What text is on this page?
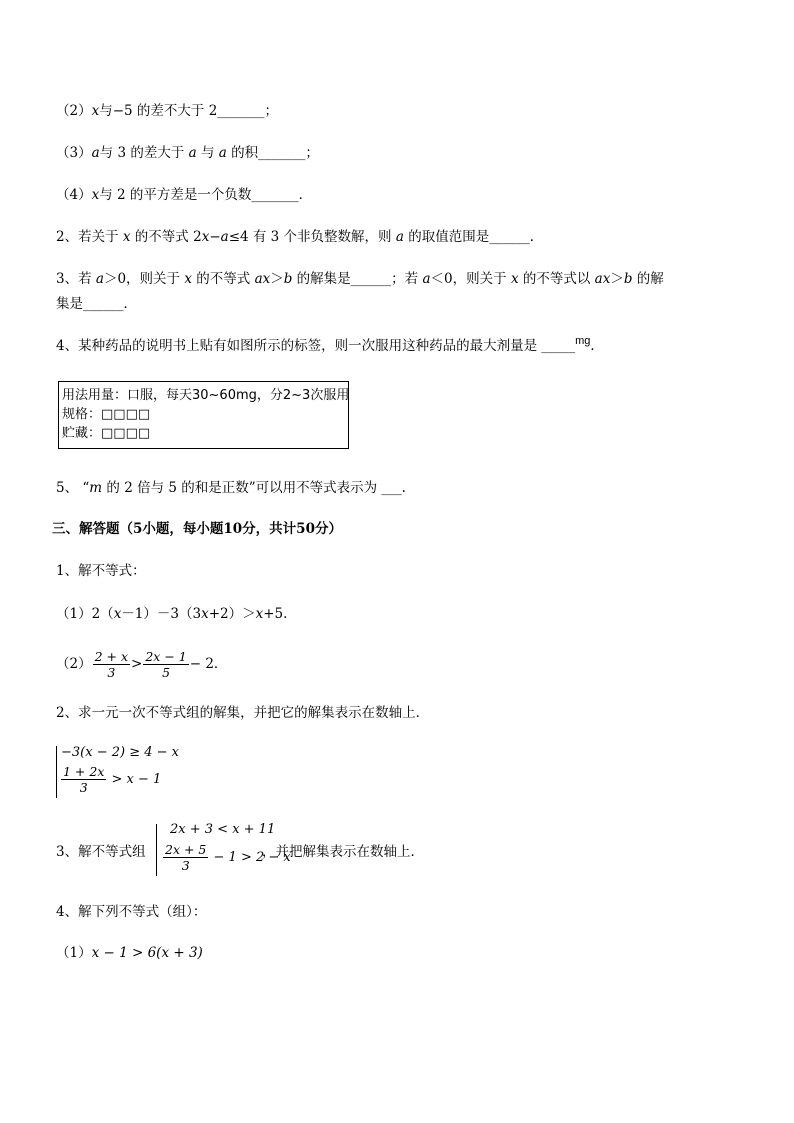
（2）x与−5 的差不大于 2_______；
（3）a与 3 的差大于 a 与 a 的积_______；
（4）x与 2 的平方差是一个负数_______．
2、若关于 x 的不等式 2x−a≤4 有 3 个非负整数解，则 a 的取值范围是______．
3、若 a＞0，则关于 x 的不等式 ax＞b 的解集是______；若 a＜0，则关于 x 的不等式以 ax＞b 的解
集是______．
4、某种药品的说明书上贴有如图所示的标签，则一次服用这种药品的最大剂量是 _____$^{mg}$．
用法用量：口服，每天30~60mg，分2~3次服用
规格：□□□□
贮藏：□□□□
5、 “m 的 2 倍与 5 的和是正数”可以用不等式表示为 ___.
三、解答题（5小题，每小题10分，共计50分）
1、解不等式：
（1）2（x－1）－3（3x+2）＞x+5.
$(2) \frac{2 + x}{3} > \frac{2x - 1}{5} - 2$．
2、求一元一次不等式组的解集，并把它的解集表示在数轴上．
−3(x − 2) ≥ 4 − x
$\frac{1 + 2x}{3} > x - 1$
3、解不等式组
2x + 3 < x + 11
$\frac{2x + 5}{3} - 1 > 2 - x$
，并把解集表示在数轴上．
4、解下列不等式（组）：
（1）x − 1 > 6(x + 3)
